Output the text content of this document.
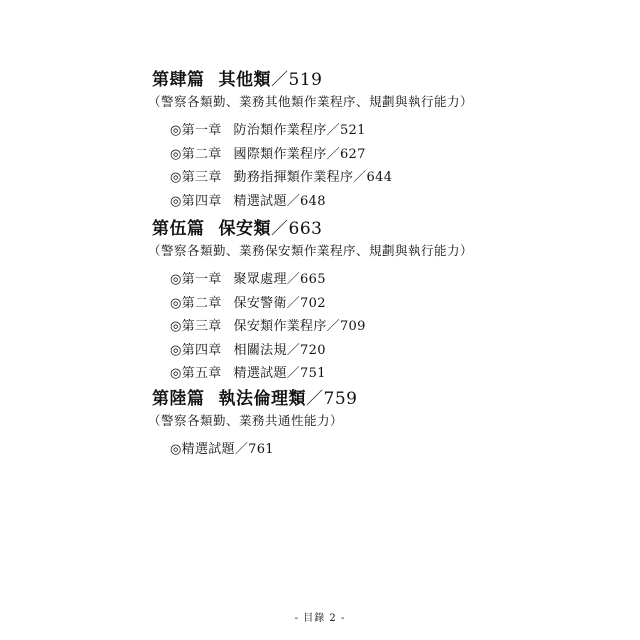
第肆篇 其他類／519
（警察各類勤、業務其他類作業程序、規劃與執行能力）
◎第一章 防治類作業程序／521
◎第二章 國際類作業程序／627
◎第三章 勤務指揮類作業程序／644
◎第四章 精選試題／648
第伍篇 保安類／663
（警察各類勤、業務保安類作業程序、規劃與執行能力）
◎第一章 聚眾處理／665
◎第二章 保安警衛／702
◎第三章 保安類作業程序／709
◎第四章 相關法規／720
◎第五章 精選試題／751
第陸篇 執法倫理類／759
（警察各類勤、業務共通性能力）
◎精選試題／761
- 目錄 2 -
